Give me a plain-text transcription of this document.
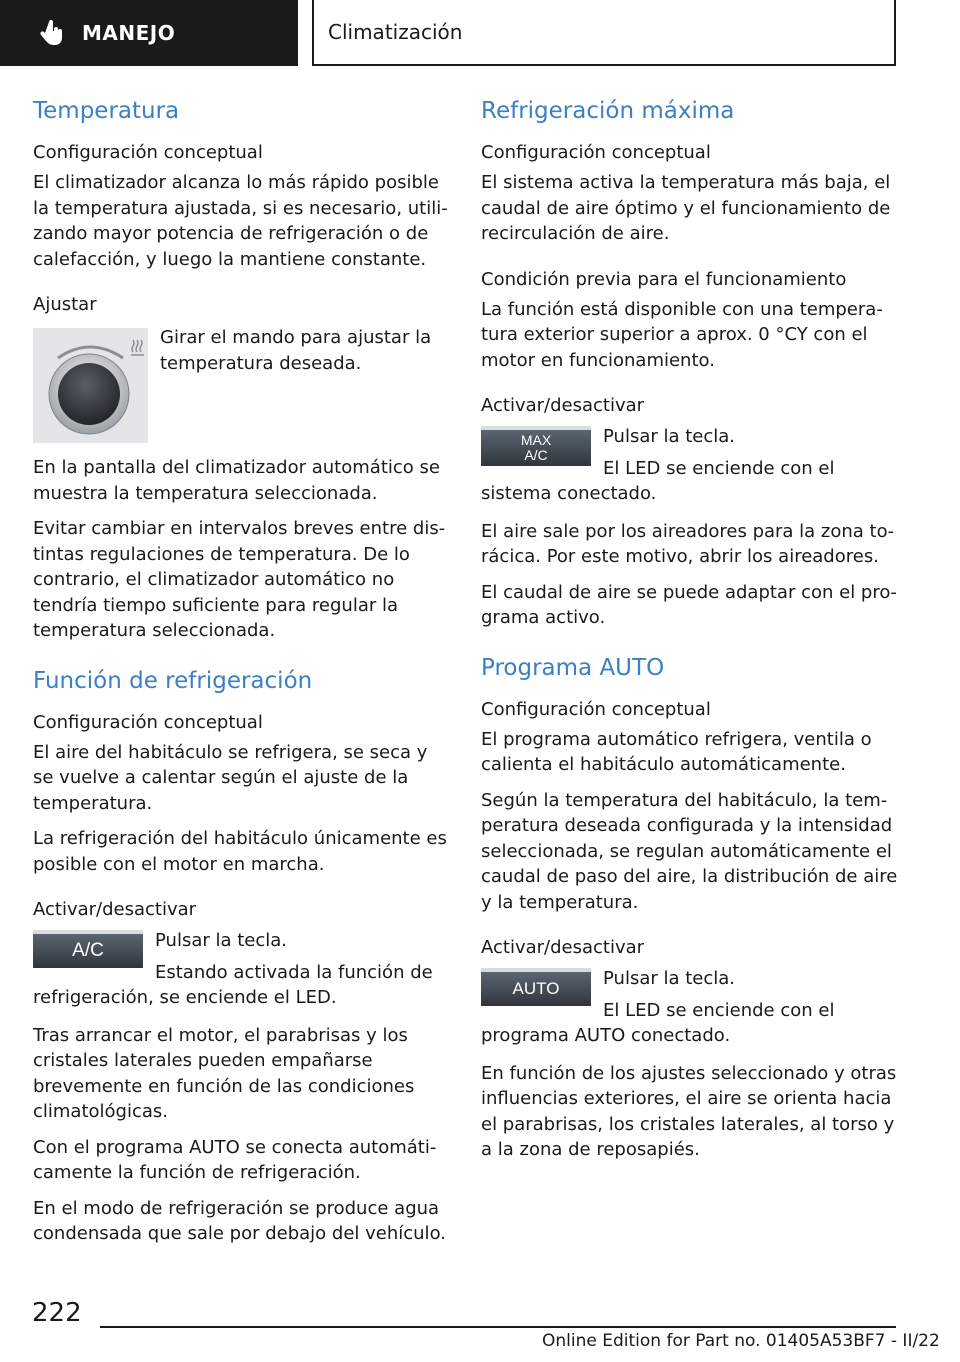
MANEJO	Climatización
Temperatura
Configuración conceptual

El climatizador alcanza lo más rápido posible la temperatura ajustada, si es necesario, utilizando mayor potencia de refrigeración o de calefacción, y luego la mantiene constante.

Ajustar

Girar el mando para ajustar la temperatura deseada.

En la pantalla del climatizador automático se muestra la temperatura seleccionada.

Evitar cambiar en intervalos breves entre distintas regulaciones de temperatura. De lo contrario, el climatizador automático no tendría tiempo suficiente para regular la temperatura seleccionada.

Función de refrigeración
Configuración conceptual

El aire del habitáculo se refrigera, se seca y se vuelve a calentar según el ajuste de la temperatura.

La refrigeración del habitáculo únicamente es posible con el motor en marcha.

Activar/desactivar
A/C	Pulsar la tecla.

Estando activada la función de refrigeración, se enciende el LED.

Tras arrancar el motor, el parabrisas y los cristales laterales pueden empañarse brevemente en función de las condiciones climatológicas.

Con el programa AUTO se conecta automáticamente la función de refrigeración.

En el modo de refrigeración se produce agua condensada que sale por debajo del vehículo.

Refrigeración máxima
Configuración conceptual

El sistema activa la temperatura más baja, el caudal de aire óptimo y el funcionamiento de recirculación de aire.

Condición previa para el funcionamiento

La función está disponible con una temperatura exterior superior a aprox. 0 °CY con el motor en funcionamiento.

Activar/desactivar
MAX
A/C

Pulsar la tecla.

El LED se enciende con el sistema conectado.

El aire sale por los aireadores para la zona torácica. Por este motivo, abrir los aireadores.

El caudal de aire se puede adaptar con el programa activo.

Programa AUTO
Configuración conceptual

El programa automático refrigera, ventila o calienta el habitáculo automáticamente.

Según la temperatura del habitáculo, la temperatura deseada configurada y la intensidad seleccionada, se regulan automáticamente el caudal de paso del aire, la distribución de aire y la temperatura.

Activar/desactivar
AUTO	Pulsar la tecla.

El LED se enciende con el programa AUTO conectado.

En función de los ajustes seleccionado y otras influencias exteriores, el aire se orienta hacia el parabrisas, los cristales laterales, al torso y a la zona de reposapiés.

222
Online Edition for Part no. 01405A53BF7 - II/22
